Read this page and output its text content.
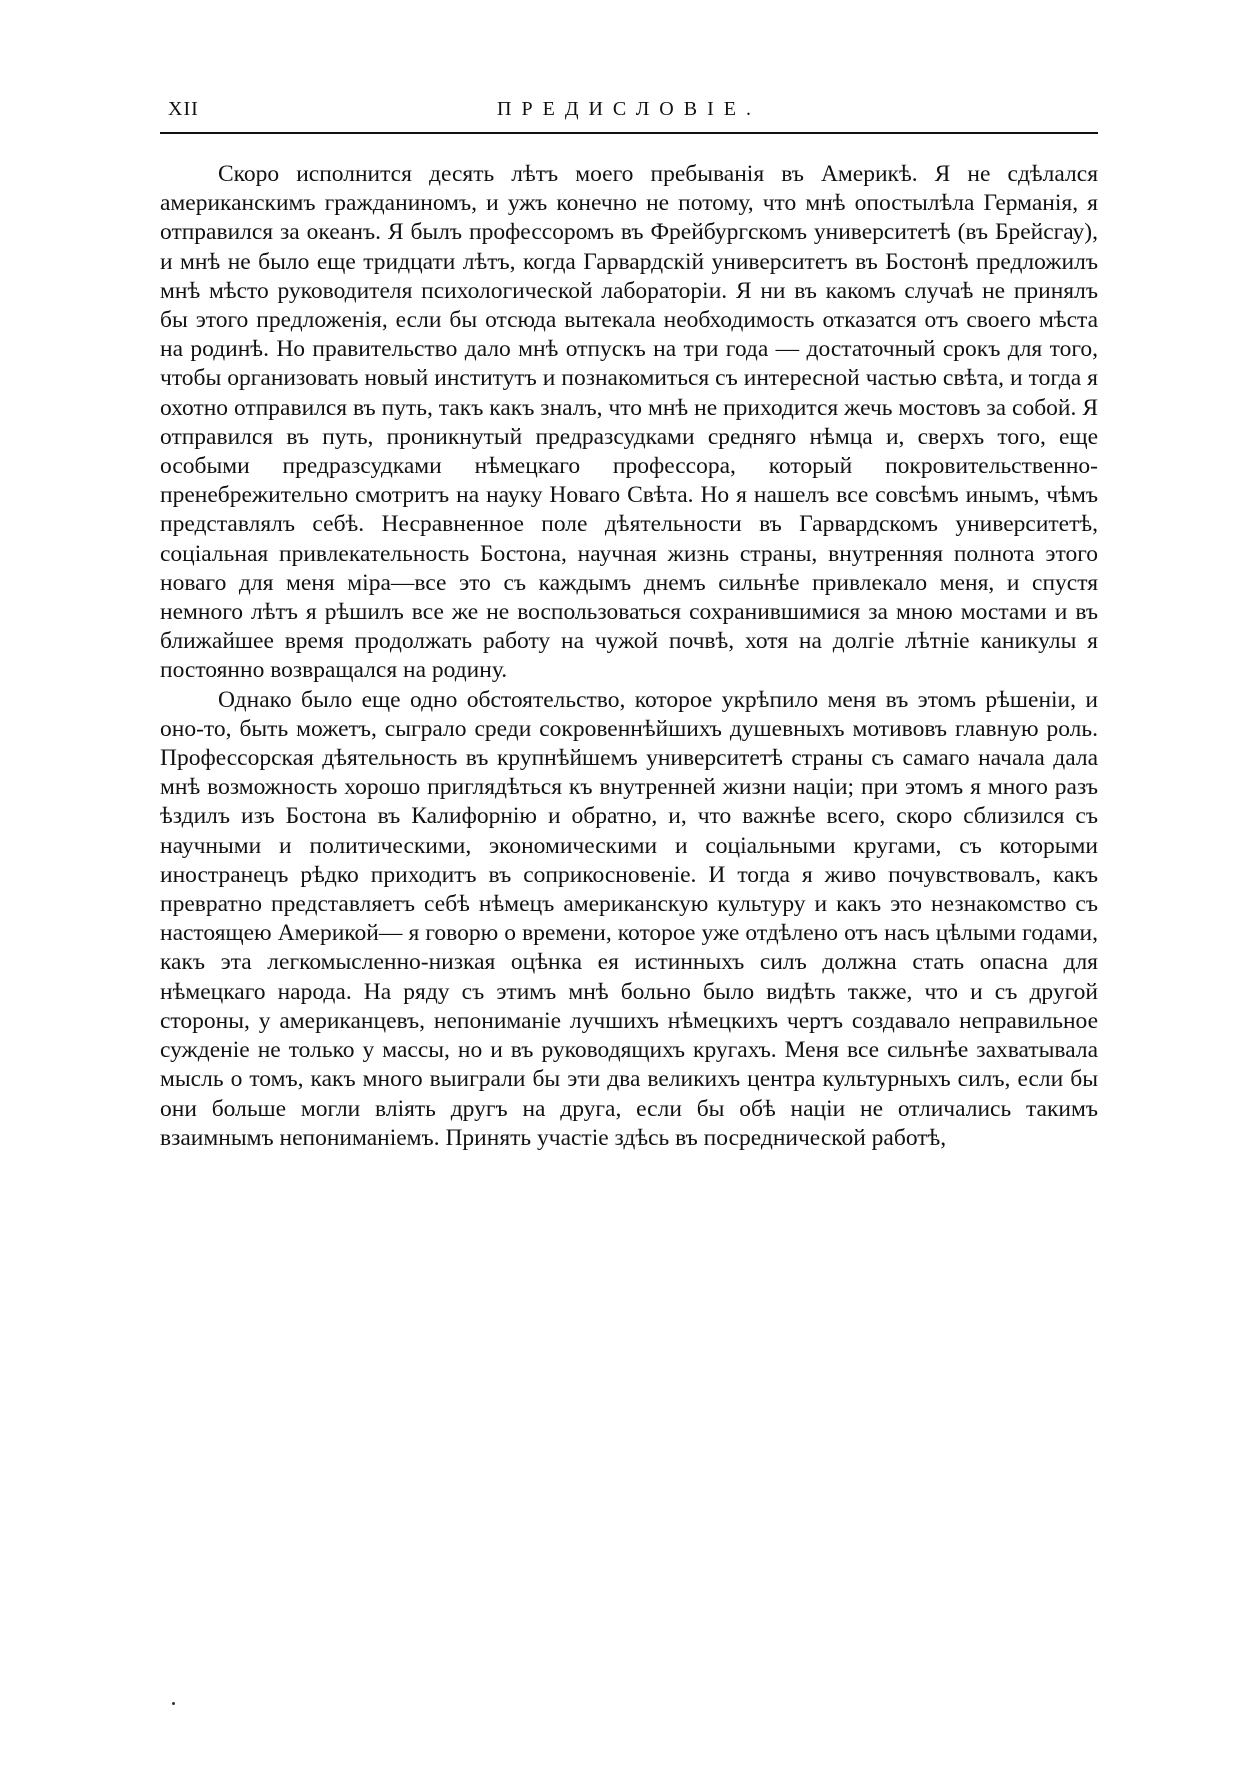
XII	ПРЕДИСЛОВІЕ.

Скоро исполнится десять лѣтъ моего пребыванія въ Америкѣ. Я не сдѣлался американскимъ гражданиномъ, и ужъ конечно не потому, что мнѣ опостылѣла Германія, я отправился за океанъ. Я былъ профессоромъ въ Фрейбургскомъ университетѣ (въ Брейсгау), и мнѣ не было еще тридцати лѣтъ, когда Гарвардскій университетъ въ Бостонѣ предложилъ мнѣ мѣсто руководителя психологической лабораторіи. Я ни въ какомъ случаѣ не принялъ бы этого предложенія, если бы отсюда вытекала необходимость отказатся отъ своего мѣста на родинѣ. Но правительство дало мнѣ отпускъ на три года — достаточный срокъ для того, чтобы организовать новый институтъ и познакомиться съ интересной частью свѣта, и тогда я охотно отправился въ путь, такъ какъ зналъ, что мнѣ не приходится жечь мостовъ за собой. Я отправился въ путь, проникнутый предразсудками средняго нѣмца и, сверхъ того, еще особыми предразсудками нѣмецкаго профессора, который покровительственно-пренебрежительно смотритъ на науку Новаго Свѣта. Но я нашелъ все совсѣмъ инымъ, чѣмъ представлялъ себѣ. Несравненное поле дѣятельности въ Гарвардскомъ университетѣ, соціальная привлекательность Бостона, научная жизнь страны, внутренняя полнота этого новаго для меня міра—все это съ каждымъ днемъ сильнѣе привлекало меня, и спустя немного лѣтъ я рѣшилъ все же не воспользоваться сохранившимися за мною мостами и въ ближайшее время продолжать работу на чужой почвѣ, хотя на долгіе лѣтніе каникулы я постоянно возвращался на родину.

Однако было еще одно обстоятельство, которое укрѣпило меня въ этомъ рѣшеніи, и оно-то, быть можетъ, сыграло среди сокровеннѣйшихъ душевныхъ мотивовъ главную роль. Профессорская дѣятельность въ крупнѣйшемъ университетѣ страны съ самаго начала дала мнѣ возможность хорошо приглядѣться къ внутренней жизни націи; при этомъ я много разъ ѣздилъ изъ Бостона въ Калифорнію и обратно, и, что важнѣе всего, скоро сблизился съ научными и политическими, экономическими и соціальными кругами, съ которыми иностранецъ рѣдко приходитъ въ соприкосновеніе. И тогда я живо почувствовалъ, какъ превратно представляетъ себѣ нѣмецъ американскую культуру и какъ это незнакомство съ настоящею Америкой— я говорю о времени, которое уже отдѣлено отъ насъ цѣлыми годами, какъ эта легкомысленно-низкая оцѣнка ея истинныхъ силъ должна стать опасна для нѣмецкаго народа. На ряду съ этимъ мнѣ больно было видѣть также, что и съ другой стороны, у американцевъ, непониманіе лучшихъ нѣмецкихъ чертъ создавало неправильное сужденіе не только у массы, но и въ руководящихъ кругахъ. Меня все сильнѣе захватывала мысль о томъ, какъ много выиграли бы эти два великихъ центра культурныхъ силъ, если бы они больше могли вліять другъ на друга, если бы обѣ націи не отличались такимъ взаимнымъ непониманіемъ. Принять участіе здѣсь въ посреднической работѣ,
